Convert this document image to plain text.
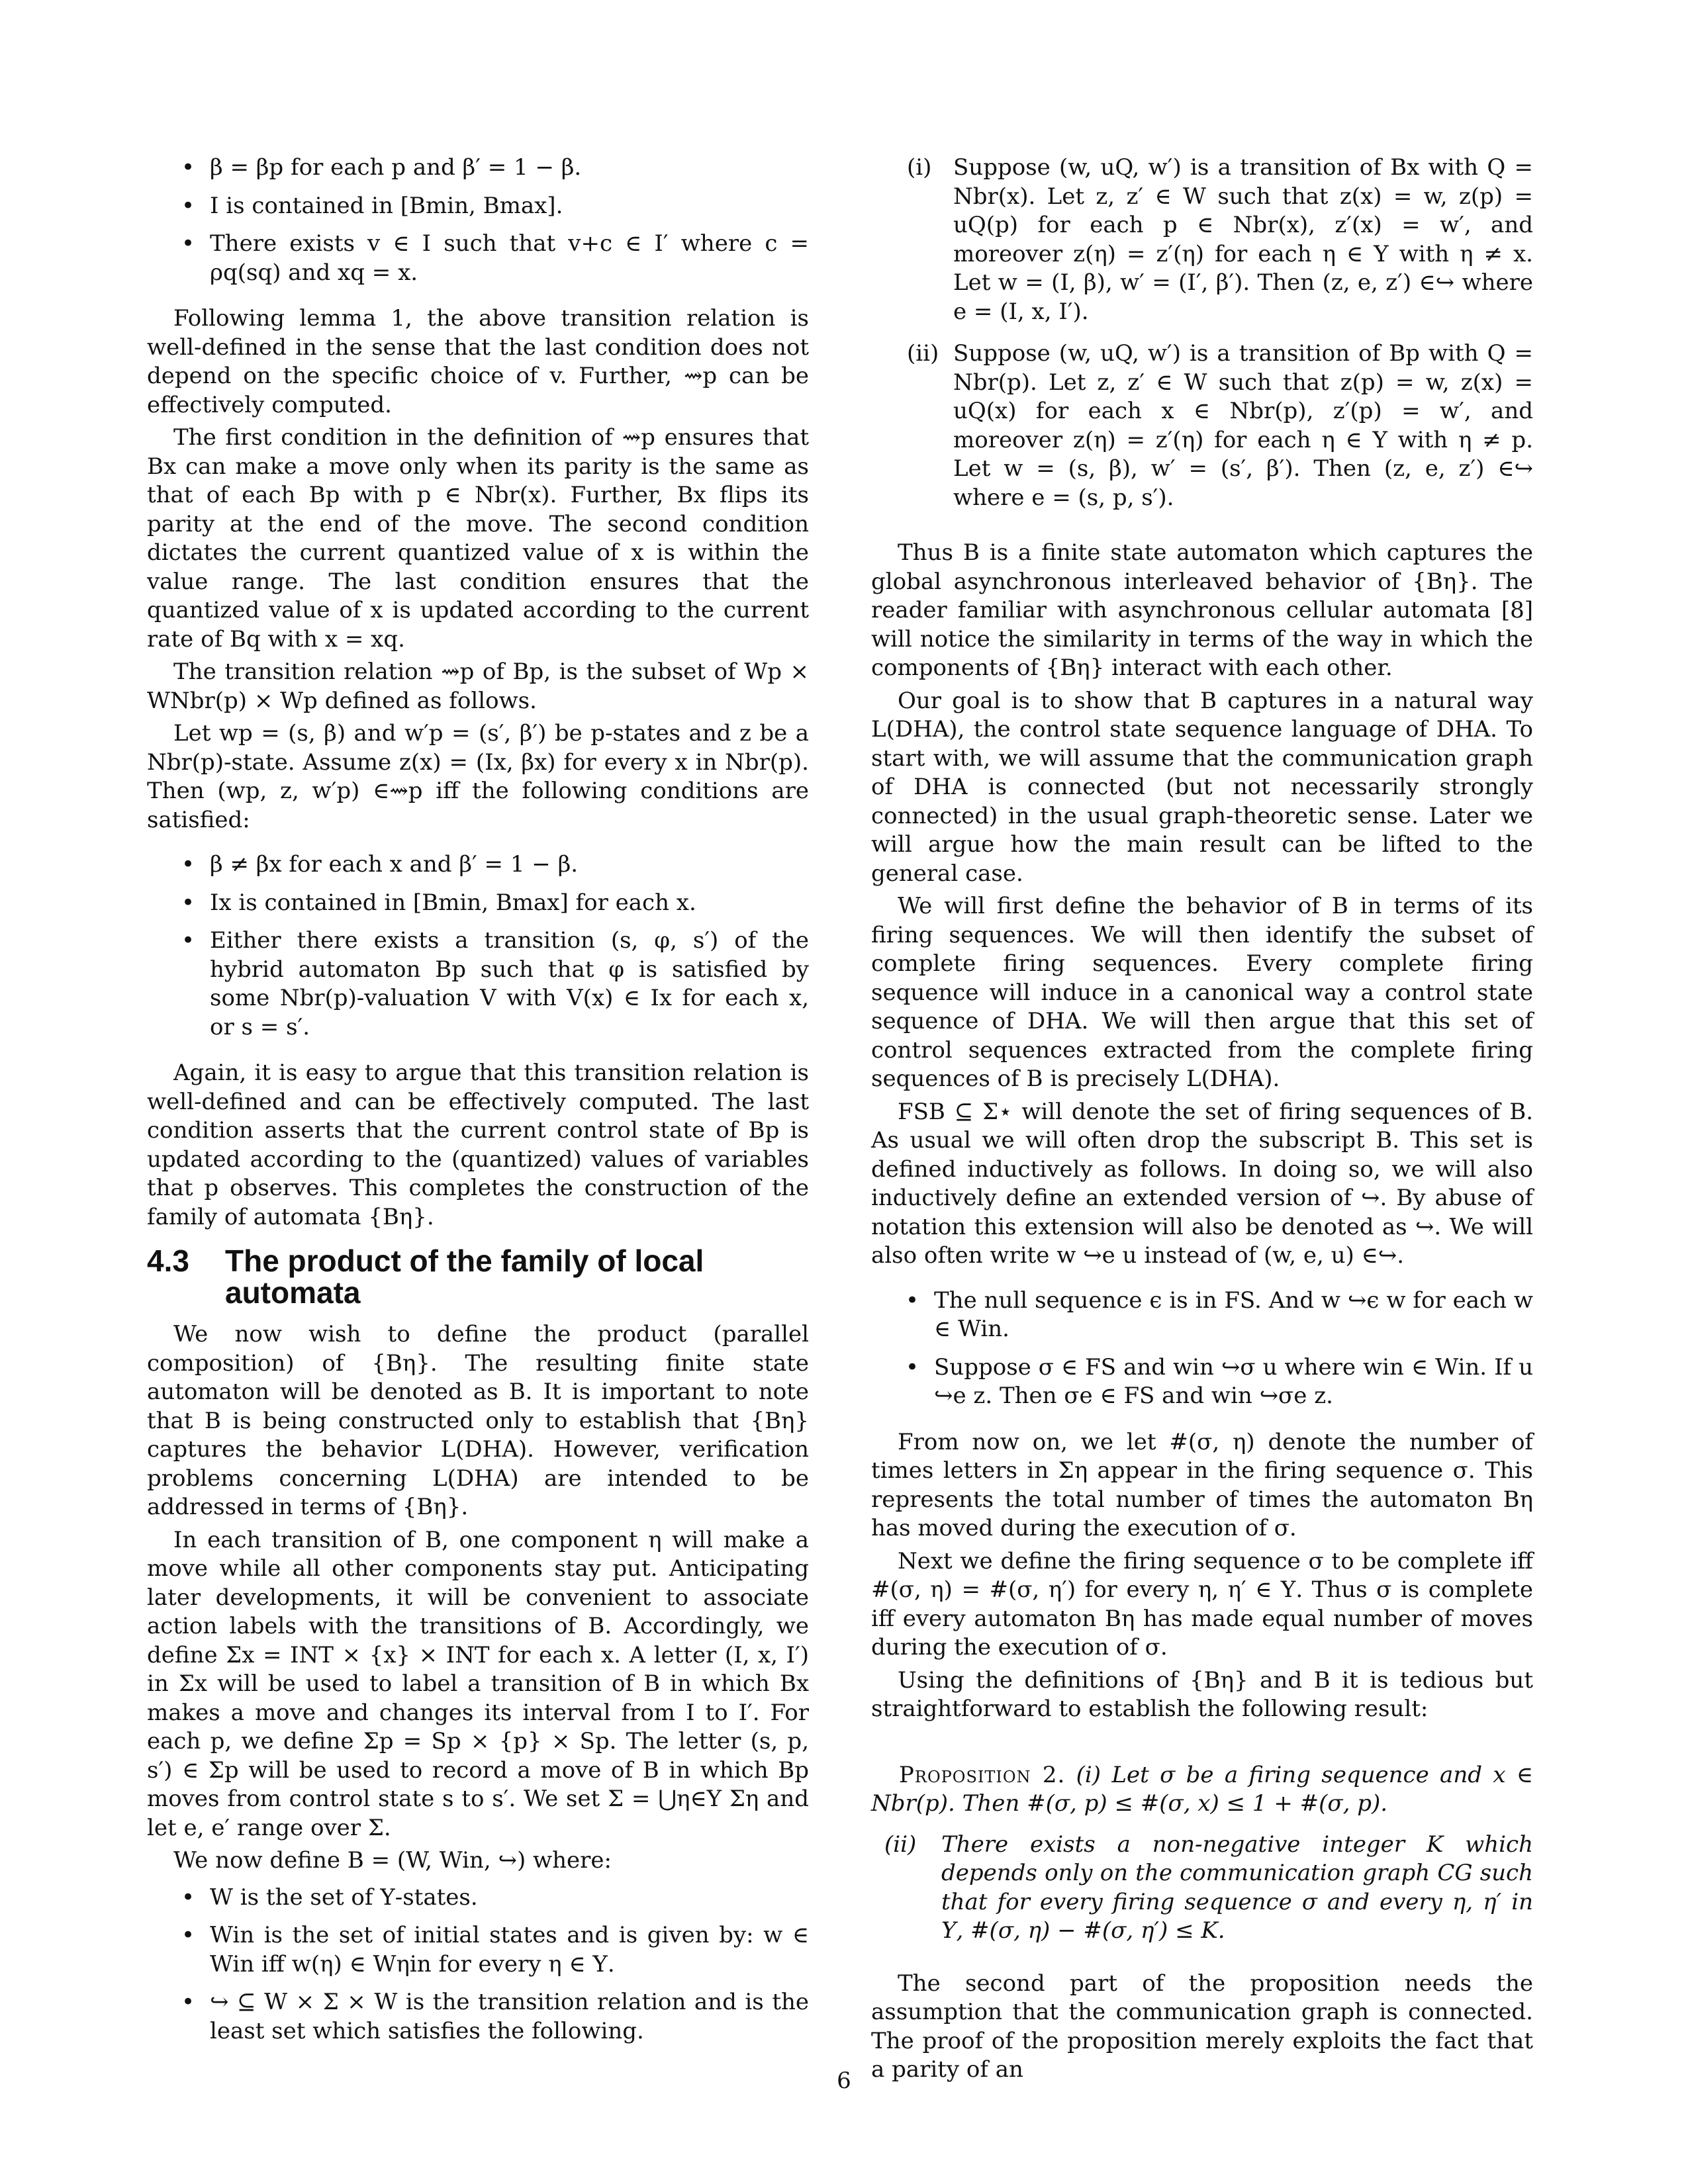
• β = βp for each p and β′ = 1 − β.
• I is contained in [Bmin, Bmax].
• There exists v ∈ I such that v+c ∈ I′ where c = ρq(sq) and xq = x.

Following lemma 1, the above transition relation is well-defined in the sense that the last condition does not depend on the specific choice of v. Further, ⇝p can be effectively computed.

The first condition in the definition of ⇝p ensures that Bx can make a move only when its parity is the same as that of each Bp with p ∈ Nbr(x). Further, Bx flips its parity at the end of the move. The second condition dictates the current quantized value of x is within the value range. The last condition ensures that the quantized value of x is updated according to the current rate of Bq with x = xq.

The transition relation ⇝p of Bp, is the subset of Wp × WNbr(p) × Wp defined as follows.

Let wp = (s, β) and w′p = (s′, β′) be p-states and z be a Nbr(p)-state. Assume z(x) = (Ix, βx) for every x in Nbr(p). Then (wp, z, w′p) ∈⇝p iff the following conditions are satisfied:

• β ≠ βx for each x and β′ = 1 − β.
• Ix is contained in [Bmin, Bmax] for each x.
• Either there exists a transition (s, φ, s′) of the hybrid automaton Bp such that φ is satisfied by some Nbr(p)-valuation V with V(x) ∈ Ix for each x, or s = s′.

Again, it is easy to argue that this transition relation is well-defined and can be effectively computed. The last condition asserts that the current control state of Bp is updated according to the (quantized) values of variables that p observes. This completes the construction of the family of automata {Bη}.

4.3	The product of the family of local automata

We now wish to define the product (parallel composition) of {Bη}. The resulting finite state automaton will be denoted as B. It is important to note that B is being constructed only to establish that {Bη} captures the behavior L(DHA). However, verification problems concerning L(DHA) are intended to be addressed in terms of {Bη}.

In each transition of B, one component η will make a move while all other components stay put. Anticipating later developments, it will be convenient to associate action labels with the transitions of B. Accordingly, we define Σx = INT × {x} × INT for each x. A letter (I, x, I′) in Σx will be used to label a transition of B in which Bx makes a move and changes its interval from I to I′. For each p, we define Σp = Sp × {p} × Sp. The letter (s, p, s′) ∈ Σp will be used to record a move of B in which Bp moves from control state s to s′. We set Σ = ⋃η∈Υ Ση and let e, e′ range over Σ.

We now define B = (W, Win, ↪) where:

• W is the set of Υ-states.
• Win is the set of initial states and is given by: w ∈ Win iff w(η) ∈ Wηin for every η ∈ Υ.
• ↪ ⊆ W × Σ × W is the transition relation and is the least set which satisfies the following.
(i) Suppose (w, uQ, w′) is a transition of Bx with Q = Nbr(x). Let z, z′ ∈ W such that z(x) = w, z(p) = uQ(p) for each p ∈ Nbr(x), z′(x) = w′, and moreover z(η) = z′(η) for each η ∈ Υ with η ≠ x. Let w = (I, β), w′ = (I′, β′). Then (z, e, z′) ∈↪ where e = (I, x, I′).
(ii) Suppose (w, uQ, w′) is a transition of Bp with Q = Nbr(p). Let z, z′ ∈ W such that z(p) = w, z(x) = uQ(x) for each x ∈ Nbr(p), z′(p) = w′, and moreover z(η) = z′(η) for each η ∈ Υ with η ≠ p. Let w = (s, β), w′ = (s′, β′). Then (z, e, z′) ∈↪ where e = (s, p, s′).

Thus B is a finite state automaton which captures the global asynchronous interleaved behavior of {Bη}. The reader familiar with asynchronous cellular automata [8] will notice the similarity in terms of the way in which the components of {Bη} interact with each other.

Our goal is to show that B captures in a natural way L(DHA), the control state sequence language of DHA. To start with, we will assume that the communication graph of DHA is connected (but not necessarily strongly connected) in the usual graph-theoretic sense. Later we will argue how the main result can be lifted to the general case.

We will first define the behavior of B in terms of its firing sequences. We will then identify the subset of complete firing sequences. Every complete firing sequence will induce in a canonical way a control state sequence of DHA. We will then argue that this set of control sequences extracted from the complete firing sequences of B is precisely L(DHA).

FSB ⊆ Σ⋆ will denote the set of firing sequences of B. As usual we will often drop the subscript B. This set is defined inductively as follows. In doing so, we will also inductively define an extended version of ↪. By abuse of notation this extension will also be denoted as ↪. We will also often write w ↪e u instead of (w, e, u) ∈↪.

• The null sequence ϵ is in FS. And w ↪ϵ w for each w ∈ Win.
• Suppose σ ∈ FS and win ↪σ u where win ∈ Win. If u ↪e z. Then σe ∈ FS and win ↪σe z.

From now on, we let #(σ, η) denote the number of times letters in Ση appear in the firing sequence σ. This represents the total number of times the automaton Bη has moved during the execution of σ.

Next we define the firing sequence σ to be complete iff #(σ, η) = #(σ, η′) for every η, η′ ∈ Υ. Thus σ is complete iff every automaton Bη has made equal number of moves during the execution of σ.

Using the definitions of {Bη} and B it is tedious but straightforward to establish the following result:

Proposition 2. (i) Let σ be a firing sequence and x ∈ Nbr(p). Then #(σ, p) ≤ #(σ, x) ≤ 1 + #(σ, p).
(ii) There exists a non-negative integer K which depends only on the communication graph CG such that for every firing sequence σ and every η, η′ in Υ, #(σ, η) − #(σ, η′) ≤ K.

The second part of the proposition needs the assumption that the communication graph is connected. The proof of the proposition merely exploits the fact that a parity of an

6
